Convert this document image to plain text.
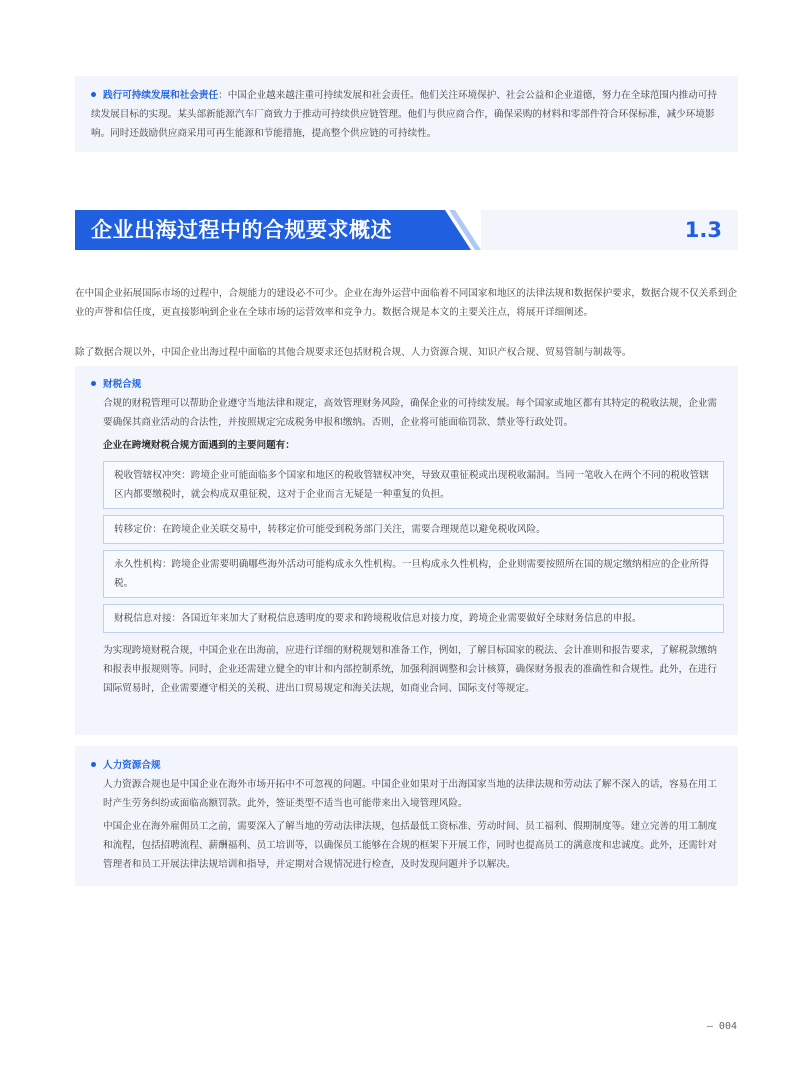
践行可持续发展和社会责任：中国企业越来越注重可持续发展和社会责任。他们关注环境保护、社会公益和企业道德，努力在全球范围内推动可持续发展目标的实现。某头部新能源汽车厂商致力于推动可持续供应链管理。他们与供应商合作，确保采购的材料和零部件符合环保标准，减少环境影响。同时还鼓励供应商采用可再生能源和节能措施，提高整个供应链的可持续性。

企业出海过程中的合规要求概述	1.3

在中国企业拓展国际市场的过程中，合规能力的建设必不可少。企业在海外运营中面临着不同国家和地区的法律法规和数据保护要求，数据合规不仅关系到企业的声誉和信任度，更直接影响到企业在全球市场的运营效率和竞争力。数据合规是本文的主要关注点，将展开详细阐述。

除了数据合规以外，中国企业出海过程中面临的其他合规要求还包括财税合规、人力资源合规、知识产权合规、贸易管制与制裁等。

财税合规

合规的财税管理可以帮助企业遵守当地法律和规定，高效管理财务风险，确保企业的可持续发展。每个国家或地区都有其特定的税收法规，企业需要确保其商业活动的合法性，并按照规定完成税务申报和缴纳。否则，企业将可能面临罚款、禁业等行政处罚。

企业在跨境财税合规方面遇到的主要问题有：

税收管辖权冲突：跨境企业可能面临多个国家和地区的税收管辖权冲突，导致双重征税或出现税收漏洞。当同一笔收入在两个不同的税收管辖区内都要缴税时，就会构成双重征税，这对于企业而言无疑是一种重复的负担。
转移定价：在跨境企业关联交易中，转移定价可能受到税务部门关注，需要合理规范以避免税收风险。
永久性机构：跨境企业需要明确哪些海外活动可能构成永久性机构。一旦构成永久性机构，企业则需要按照所在国的规定缴纳相应的企业所得税。
财税信息对接：各国近年来加大了财税信息透明度的要求和跨境税收信息对接力度，跨境企业需要做好全球财务信息的申报。

为实现跨境财税合规，中国企业在出海前，应进行详细的财税规划和准备工作，例如，了解目标国家的税法、会计准则和报告要求，了解税款缴纳和报表申报规则等。同时，企业还需建立健全的审计和内部控制系统，加强利润调整和会计核算，确保财务报表的准确性和合规性。此外，在进行国际贸易时，企业需要遵守相关的关税、进出口贸易规定和海关法规，如商业合同、国际支付等规定。

人力资源合规

人力资源合规也是中国企业在海外市场开拓中不可忽视的问题。中国企业如果对于出海国家当地的法律法规和劳动法了解不深入的话，容易在用工时产生劳务纠纷或面临高额罚款。此外，签证类型不适当也可能带来出入境管理风险。

中国企业在海外雇佣员工之前，需要深入了解当地的劳动法律法规，包括最低工资标准、劳动时间、员工福利、假期制度等。建立完善的用工制度和流程，包括招聘流程、薪酬福利、员工培训等，以确保员工能够在合规的框架下开展工作，同时也提高员工的满意度和忠诚度。此外，还需针对管理者和员工开展法律法规培训和指导，并定期对合规情况进行检查，及时发现问题并予以解决。

— 004
